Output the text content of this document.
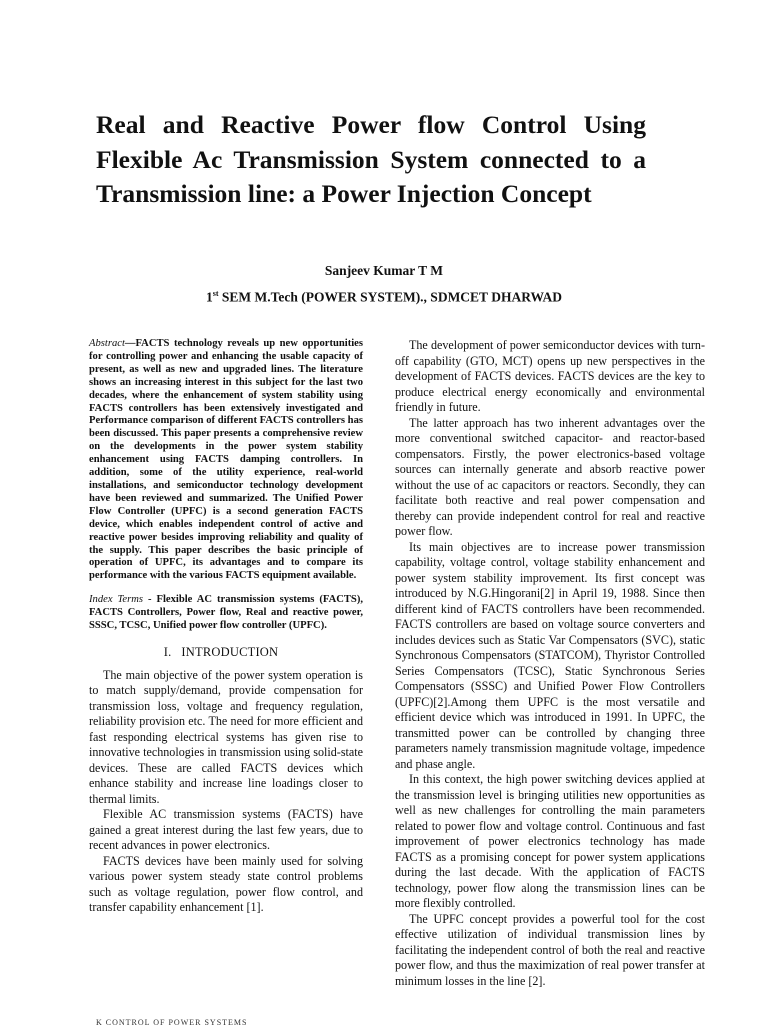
Real and Reactive Power flow Control Using Flexible Ac Transmission System connected to a Transmission line: a Power Injection Concept
Sanjeev Kumar T M
1st SEM M.Tech (POWER SYSTEM)., SDMCET DHARWAD

Abstract—FACTS technology reveals up new opportunities for controlling power and enhancing the usable capacity of present, as well as new and upgraded lines. The literature shows an increasing interest in this subject for the last two decades, where the enhancement of system stability using FACTS controllers has been extensively investigated and Performance comparison of different FACTS controllers has been discussed. This paper presents a comprehensive review on the developments in the power system stability enhancement using FACTS damping controllers. In addition, some of the utility experience, real-world installations, and semiconductor technology development have been reviewed and summarized. The Unified Power Flow Controller (UPFC) is a second generation FACTS device, which enables independent control of active and reactive power besides improving reliability and quality of the supply. This paper describes the basic principle of operation of UPFC, its advantages and to compare its performance with the various FACTS equipment available.

Index Terms - Flexible AC transmission systems (FACTS), FACTS Controllers, Power flow, Real and reactive power, SSSC, TCSC, Unified power flow controller (UPFC).

I. INTRODUCTION

The main objective of the power system operation is to match supply/demand, provide compensation for transmission loss, voltage and frequency regulation, reliability provision etc. The need for more efficient and fast responding electrical systems has given rise to innovative technologies in transmission using solid-state devices. These are called FACTS devices which enhance stability and increase line loadings closer to thermal limits.

Flexible AC transmission systems (FACTS) have gained a great interest during the last few years, due to recent advances in power electronics.

FACTS devices have been mainly used for solving various power system steady state control problems such as voltage regulation, power flow control, and transfer capability enhancement [1].

The development of power semiconductor devices with turn-off capability (GTO, MCT) opens up new perspectives in the development of FACTS devices. FACTS devices are the key to produce electrical energy economically and environmental friendly in future.

The latter approach has two inherent advantages over the more conventional switched capacitor- and reactor-based compensators. Firstly, the power electronics-based voltage sources can internally generate and absorb reactive power without the use of ac capacitors or reactors. Secondly, they can facilitate both reactive and real power compensation and thereby can provide independent control for real and reactive power flow.

Its main objectives are to increase power transmission capability, voltage control, voltage stability enhancement and power system stability improvement. Its first concept was introduced by N.G.Hingorani[2] in April 19, 1988. Since then different kind of FACTS controllers have been recommended. FACTS controllers are based on voltage source converters and includes devices such as Static Var Compensators (SVC), static Synchronous Compensators (STATCOM), Thyristor Controlled Series Compensators (TCSC), Static Synchronous Series Compensators (SSSC) and Unified Power Flow Controllers (UPFC)[2].Among them UPFC is the most versatile and efficient device which was introduced in 1991. In UPFC, the transmitted power can be controlled by changing three parameters namely transmission magnitude voltage, impedence and phase angle.

In this context, the high power switching devices applied at the transmission level is bringing utilities new opportunities as well as new challenges for controlling the main parameters related to power flow and voltage control. Continuous and fast improvement of power electronics technology has made FACTS as a promising concept for power system applications during the last decade. With the application of FACTS technology, power flow along the transmission lines can be more flexibly controlled.

The UPFC concept provides a powerful tool for the cost effective utilization of individual transmission lines by facilitating the independent control of both the real and reactive power flow, and thus the maximization of real power transfer at minimum losses in the line [2].

K CONTROL OF POWER SYSTEMS
